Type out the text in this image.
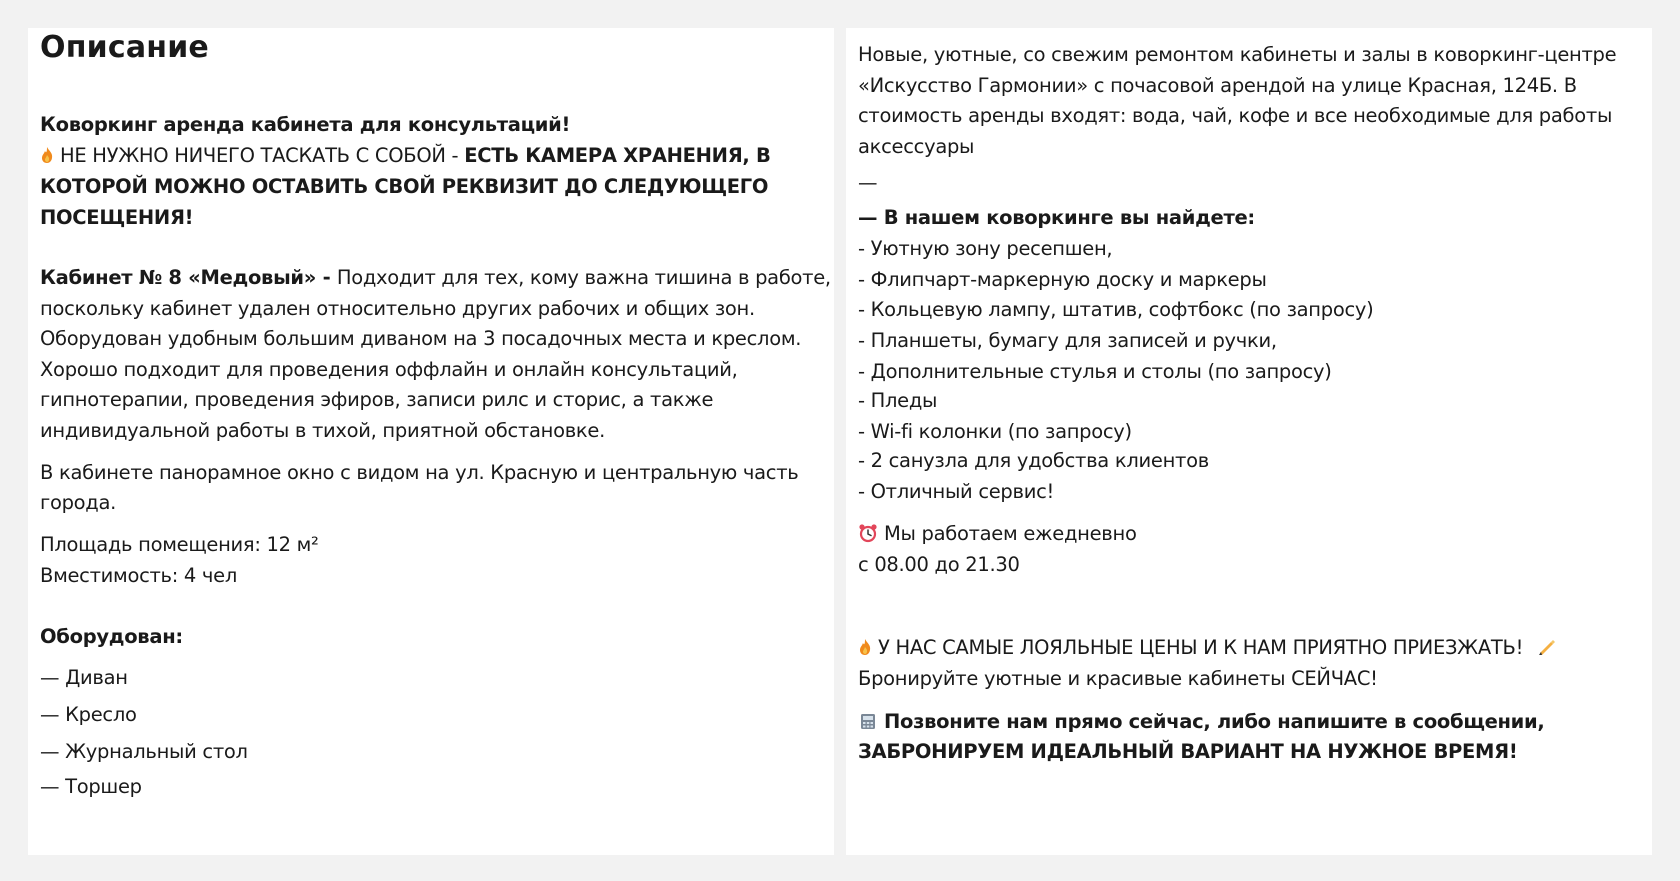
Описание
Коворкинг аренда кабинета для консультаций!
НЕ НУЖНО НИЧЕГО ТАСКАТЬ С СОБОЙ - ЕСТЬ КАМЕРА ХРАНЕНИЯ, В
КОТОРОЙ МОЖНО ОСТАВИТЬ СВОЙ РЕКВИЗИТ ДО СЛЕДУЮЩЕГО
ПОСЕЩЕНИЯ!
Кабинет № 8 «Медовый» - Подходит для тех, кому важна тишина в работе,
поскольку кабинет удален относительно других рабочих и общих зон.
Оборудован удобным большим диваном на 3 посадочных места и креслом.
Хорошо подходит для проведения оффлайн и онлайн консультаций,
гипнотерапии, проведения эфиров, записи рилс и сторис, а также
индивидуальной работы в тихой, приятной обстановке.
В кабинете панорамное окно с видом на ул. Красную и центральную часть
города.
Площадь помещения: 12 м²
Вместимость: 4 чел
Оборудован:
— Диван
— Кресло
— Журнальный стол
— Торшер
Новые, уютные, со свежим ремонтом кабинеты и залы в коворкинг-центре
«Искусство Гармонии» с почасовой арендой на улице Красная, 124Б. В
стоимость аренды входят: вода, чай, кофе и все необходимые для работы
аксессуары
—
— В нашем коворкинге вы найдете:
- Уютную зону ресепшен,
- Флипчарт-маркерную доску и маркеры
- Кольцевую лампу, штатив, софтбокс (по запросу)
- Планшеты, бумагу для записей и ручки,
- Дополнительные стулья и столы (по запросу)
- Пледы
- Wi-fi колонки (по запросу)
- 2 санузла для удобства клиентов
- Отличный сервис!
Мы работаем ежедневно
с 08.00 до 21.30
У НАС САМЫЕ ЛОЯЛЬНЫЕ ЦЕНЫ И К НАМ ПРИЯТНО ПРИЕЗЖАТЬ!
Бронируйте уютные и красивые кабинеты СЕЙЧАС!
Позвоните нам прямо сейчас, либо напишите в сообщении,
ЗАБРОНИРУЕМ ИДЕАЛЬНЫЙ ВАРИАНТ НА НУЖНОЕ ВРЕМЯ!
